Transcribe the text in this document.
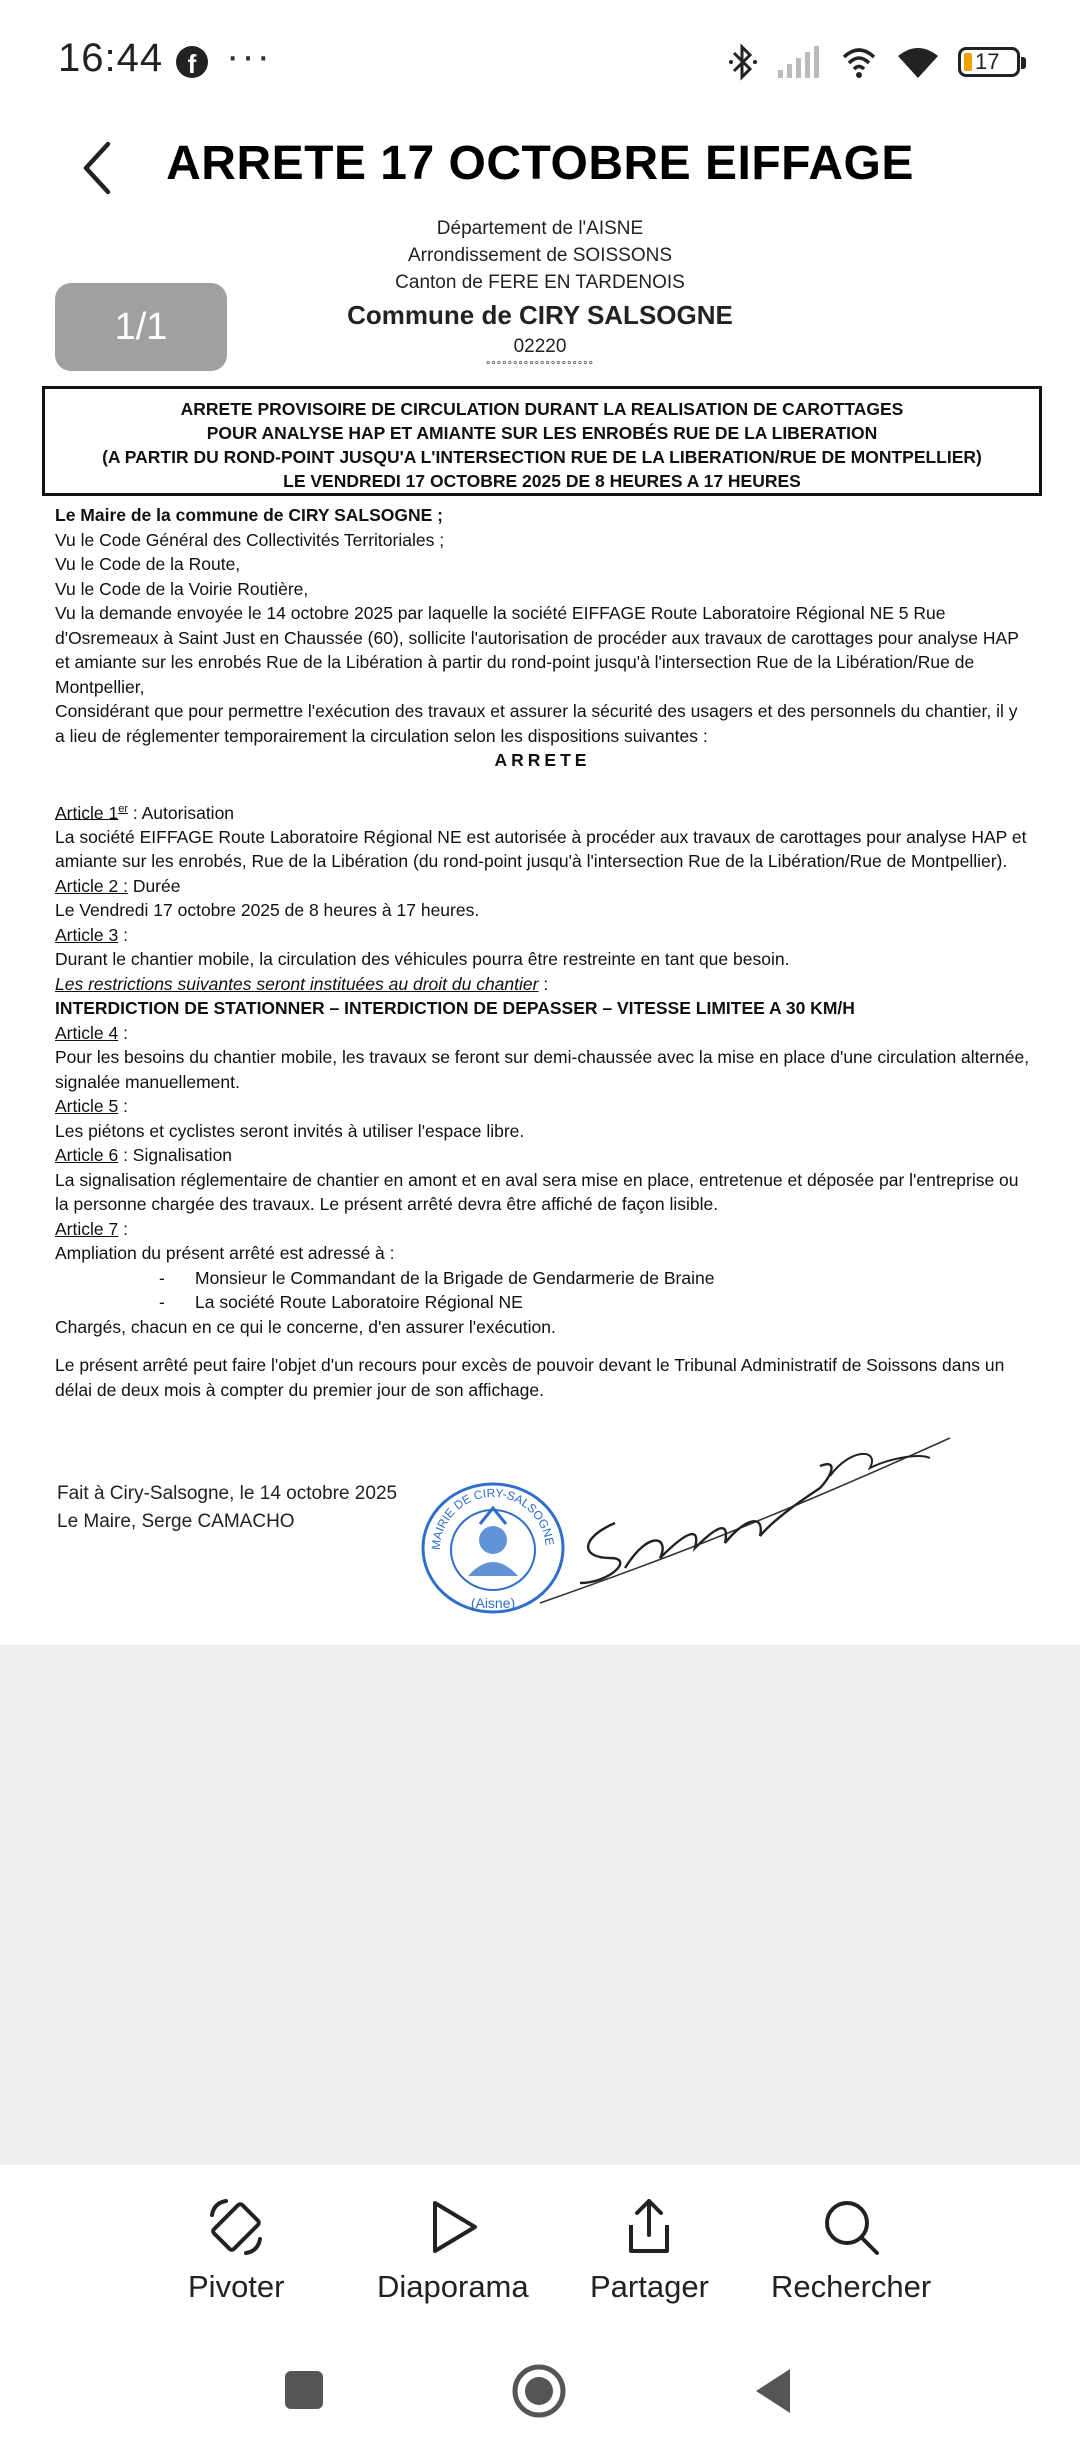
16:44 f ···	17
ARRETE 17 OCTOBRE EIFFAGE
Département de l'AISNE
Arrondissement de SOISSONS
Canton de FERE EN TARDENOIS
Commune de CIRY SALSOGNE
02220
°°°°°°°°°°°°°°°°°°°°
1/1
ARRETE PROVISOIRE DE CIRCULATION DURANT LA REALISATION DE CAROTTAGES
POUR ANALYSE HAP ET AMIANTE SUR LES ENROBÉS RUE DE LA LIBERATION
(A PARTIR DU ROND-POINT JUSQU'A L'INTERSECTION RUE DE LA LIBERATION/RUE DE MONTPELLIER)
LE VENDREDI 17 OCTOBRE 2025 DE 8 HEURES A 17 HEURES

Le Maire de la commune de CIRY SALSOGNE ;

Vu le Code Général des Collectivités Territoriales ;

Vu le Code de la Route,

Vu le Code de la Voirie Routière,

Vu la demande envoyée le 14 octobre 2025 par laquelle la société EIFFAGE Route Laboratoire Régional NE 5 Rue d'Osremeaux à Saint Just en Chaussée (60), sollicite l'autorisation de procéder aux travaux de carottages pour analyse HAP et amiante sur les enrobés Rue de la Libération à partir du rond-point jusqu'à l'intersection Rue de la Libération/Rue de Montpellier,

Considérant que pour permettre l'exécution des travaux et assurer la sécurité des usagers et des personnels du chantier, il y a lieu de réglementer temporairement la circulation selon les dispositions suivantes :

ARRETE

Article 1er : Autorisation

La société EIFFAGE Route Laboratoire Régional NE est autorisée à procéder aux travaux de carottages pour analyse HAP et amiante sur les enrobés, Rue de la Libération (du rond-point jusqu'à l'intersection Rue de la Libération/Rue de Montpellier).

Article 2 : Durée

Le Vendredi 17 octobre 2025 de 8 heures à 17 heures.

Article 3 :

Durant le chantier mobile, la circulation des véhicules pourra être restreinte en tant que besoin.

Les restrictions suivantes seront instituées au droit du chantier :

INTERDICTION DE STATIONNER – INTERDICTION DE DEPASSER – VITESSE LIMITEE A 30 KM/H

Article 4 :

Pour les besoins du chantier mobile, les travaux se feront sur demi-chaussée avec la mise en place d'une circulation alternée, signalée manuellement.

Article 5 :

Les piétons et cyclistes seront invités à utiliser l'espace libre.

Article 6 : Signalisation

La signalisation réglementaire de chantier en amont et en aval sera mise en place, entretenue et déposée par l'entreprise ou la personne chargée des travaux. Le présent arrêté devra être affiché de façon lisible.

Article 7 :

Ampliation du présent arrêté est adressé à :

- Monsieur le Commandant de la Brigade de Gendarmerie de Braine

- La société Route Laboratoire Régional NE

Chargés, chacun en ce qui le concerne, d'en assurer l'exécution.

Le présent arrêté peut faire l'objet d'un recours pour excès de pouvoir devant le Tribunal Administratif de Soissons dans un délai de deux mois à compter du premier jour de son affichage.

Fait à Ciry-Salsogne, le 14 octobre 2025
Le Maire, Serge CAMACHO
MAIRIE DE CIRY-SALSOGNE
(Aisne)
Pivoter	Diaporama Partager Rechercher
